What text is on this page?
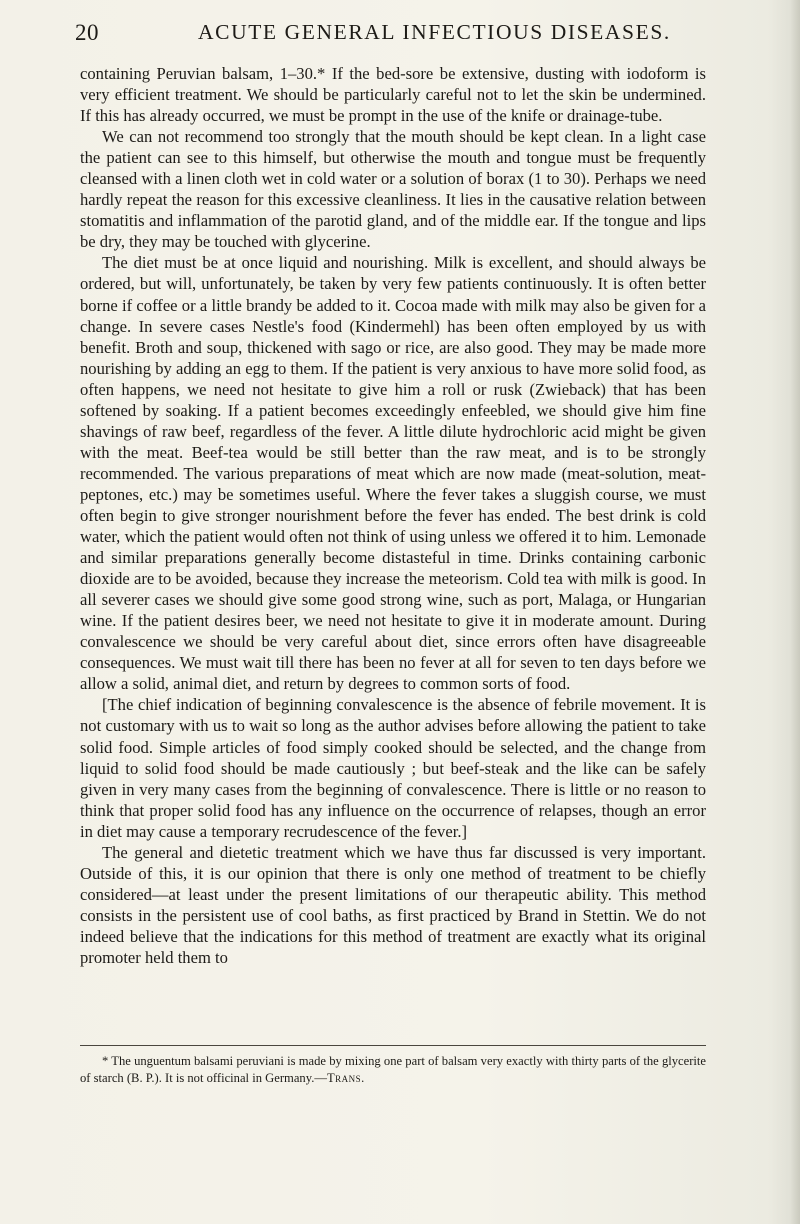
20	ACUTE GENERAL INFECTIOUS DISEASES.

containing Peruvian balsam, 1–30.* If the bed-sore be extensive, dusting with iodoform is very efficient treatment. We should be particularly careful not to let the skin be undermined. If this has already occurred, we must be prompt in the use of the knife or drainage-tube.

We can not recommend too strongly that the mouth should be kept clean. In a light case the patient can see to this himself, but otherwise the mouth and tongue must be frequently cleansed with a linen cloth wet in cold water or a solution of borax (1 to 30). Perhaps we need hardly repeat the reason for this excessive cleanliness. It lies in the causative relation between stomatitis and inflammation of the parotid gland, and of the middle ear. If the tongue and lips be dry, they may be touched with glycerine.

The diet must be at once liquid and nourishing. Milk is excellent, and should always be ordered, but will, unfortunately, be taken by very few patients continuously. It is often better borne if coffee or a little brandy be added to it. Cocoa made with milk may also be given for a change. In severe cases Nestle's food (Kindermehl) has been often employed by us with benefit. Broth and soup, thickened with sago or rice, are also good. They may be made more nourishing by adding an egg to them. If the patient is very anxious to have more solid food, as often happens, we need not hesitate to give him a roll or rusk (Zwieback) that has been softened by soaking. If a patient becomes exceedingly enfeebled, we should give him fine shavings of raw beef, regardless of the fever. A little dilute hydrochloric acid might be given with the meat. Beef-tea would be still better than the raw meat, and is to be strongly recommended. The various preparations of meat which are now made (meat-solution, meat-peptones, etc.) may be sometimes useful. Where the fever takes a sluggish course, we must often begin to give stronger nourishment before the fever has ended. The best drink is cold water, which the patient would often not think of using unless we offered it to him. Lemonade and similar preparations generally become distasteful in time. Drinks containing carbonic dioxide are to be avoided, because they increase the meteorism. Cold tea with milk is good. In all severer cases we should give some good strong wine, such as port, Malaga, or Hungarian wine. If the patient desires beer, we need not hesitate to give it in moderate amount. During convalescence we should be very careful about diet, since errors often have disagreeable consequences. We must wait till there has been no fever at all for seven to ten days before we allow a solid, animal diet, and return by degrees to common sorts of food.

[The chief indication of beginning convalescence is the absence of febrile movement. It is not customary with us to wait so long as the author advises before allowing the patient to take solid food. Simple articles of food simply cooked should be selected, and the change from liquid to solid food should be made cautiously ; but beef-steak and the like can be safely given in very many cases from the beginning of convalescence. There is little or no reason to think that proper solid food has any influence on the occurrence of relapses, though an error in diet may cause a temporary recrudescence of the fever.]

The general and dietetic treatment which we have thus far discussed is very important. Outside of this, it is our opinion that there is only one method of treatment to be chiefly considered—at least under the present limitations of our therapeutic ability. This method consists in the persistent use of cool baths, as first practiced by Brand in Stettin. We do not indeed believe that the indications for this method of treatment are exactly what its original promoter held them to

* The unguentum balsami peruviani is made by mixing one part of balsam very exactly with thirty parts of the glycerite of starch (B. P.). It is not officinal in Germany.—Trans.
